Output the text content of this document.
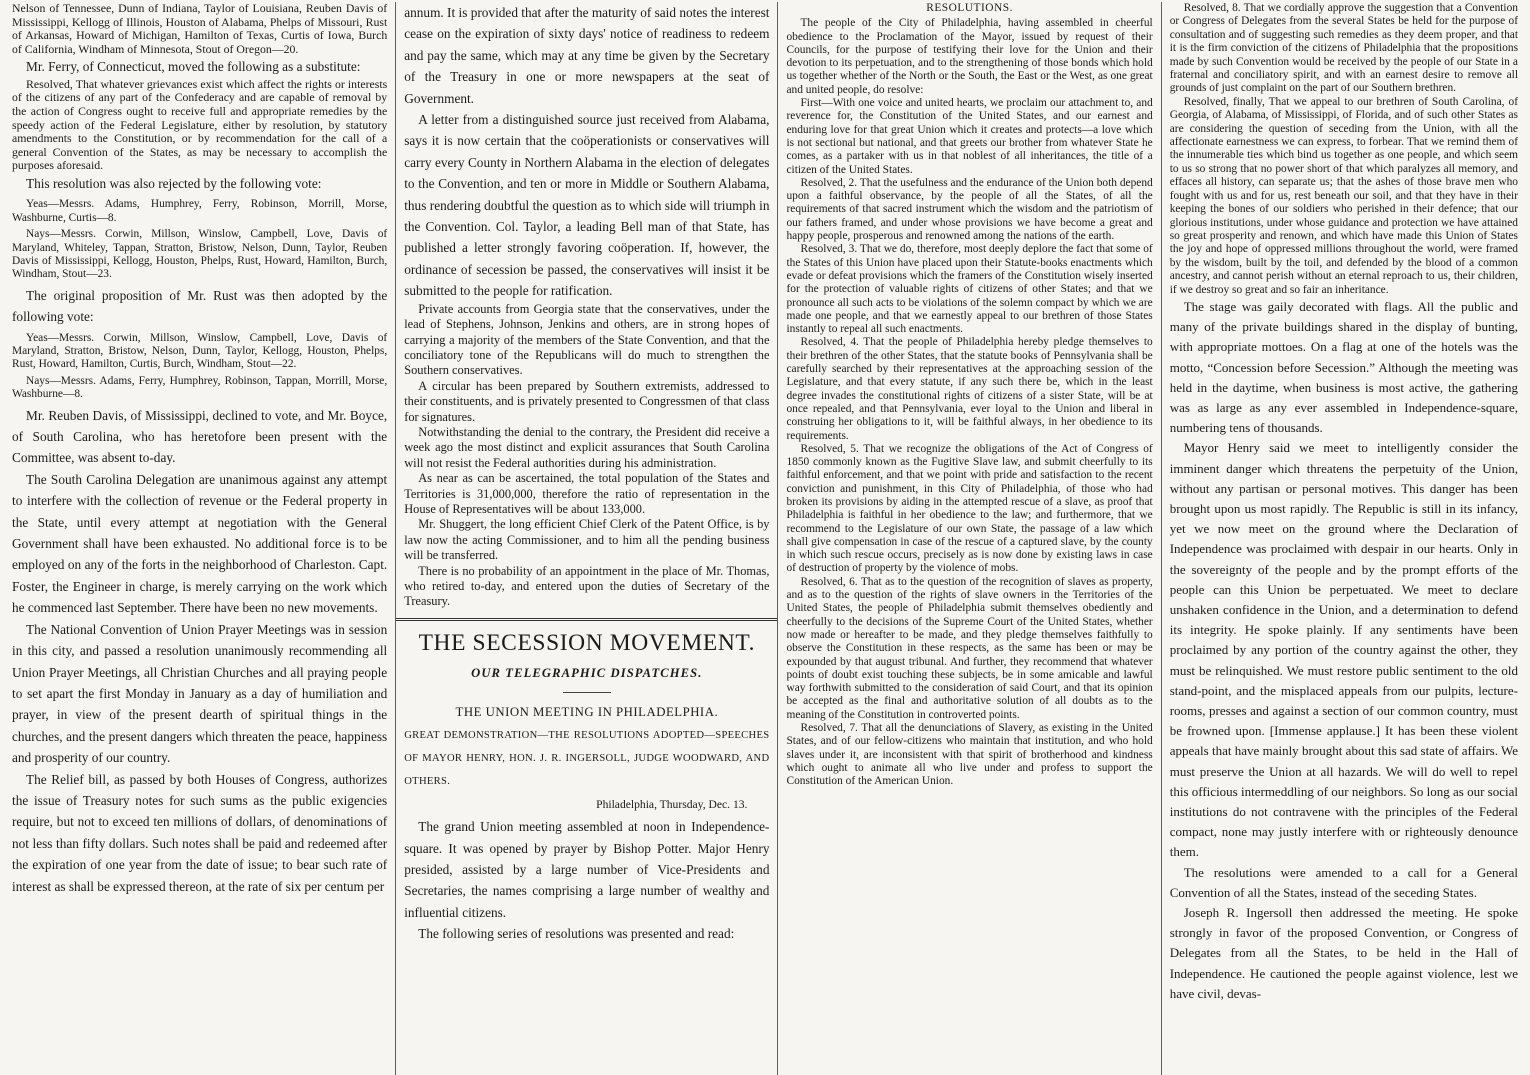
Nelson of Tennessee, Dunn of Indiana, Taylor of Louisiana, Reuben Davis of Mississippi, Kellogg of Illinois, Houston of Alabama, Phelps of Missouri, Rust of Arkansas, Howard of Michigan, Hamilton of Texas, Curtis of Iowa, Burch of California, Windham of Minnesota, Stout of Oregon—20.

Mr. Ferry, of Connecticut, moved the following as a substitute:

Resolved, That whatever grievances exist which affect the rights or interests of the citizens of any part of the Confederacy and are capable of removal by the action of Congress ought to receive full and appropriate remedies by the speedy action of the Federal Legislature, either by resolution, by statutory amendments to the Constitution, or by recommendation for the call of a general Convention of the States, as may be necessary to accomplish the purposes aforesaid.

This resolution was also rejected by the following vote:

Yeas—Messrs. Adams, Humphrey, Ferry, Robinson, Morrill, Morse, Washburne, Curtis—8.

Nays—Messrs. Corwin, Millson, Winslow, Campbell, Love, Davis of Maryland, Whiteley, Tappan, Stratton, Bristow, Nelson, Dunn, Taylor, Reuben Davis of Mississippi, Kellogg, Houston, Phelps, Rust, Howard, Hamilton, Burch, Windham, Stout—23.

The original proposition of Mr. Rust was then adopted by the following vote:

Yeas—Messrs. Corwin, Millson, Winslow, Campbell, Love, Davis of Maryland, Stratton, Bristow, Nelson, Dunn, Taylor, Kellogg, Houston, Phelps, Rust, Howard, Hamilton, Curtis, Burch, Windham, Stout—22.

Nays—Messrs. Adams, Ferry, Humphrey, Robinson, Tappan, Morrill, Morse, Washburne—8.

Mr. Reuben Davis, of Mississippi, declined to vote, and Mr. Boyce, of South Carolina, who has heretofore been present with the Committee, was absent to-day.

The South Carolina Delegation are unanimous against any attempt to interfere with the collection of revenue or the Federal property in the State, until every attempt at negotiation with the General Government shall have been exhausted. No additional force is to be employed on any of the forts in the neighborhood of Charleston. Capt. Foster, the Engineer in charge, is merely carrying on the work which he commenced last September. There have been no new movements.

The National Convention of Union Prayer Meetings was in session in this city, and passed a resolution unanimously recommending all Union Prayer Meetings, all Christian Churches and all praying people to set apart the first Monday in January as a day of humiliation and prayer, in view of the present dearth of spiritual things in the churches, and the present dangers which threaten the peace, happiness and prosperity of our country.

The Relief bill, as passed by both Houses of Congress, authorizes the issue of Treasury notes for such sums as the public exigencies require, but not to exceed ten millions of dollars, of denominations of not less than fifty dollars. Such notes shall be paid and redeemed after the expiration of one year from the date of issue; to bear such rate of interest as shall be expressed thereon, at the rate of six per centum per

annum. It is provided that after the maturity of said notes the interest cease on the expiration of sixty days' notice of readiness to redeem and pay the same, which may at any time be given by the Secretary of the Treasury in one or more newspapers at the seat of Government.

A letter from a distinguished source just received from Alabama, says it is now certain that the coöperationists or conservatives will carry every County in Northern Alabama in the election of delegates to the Convention, and ten or more in Middle or Southern Alabama, thus rendering doubtful the question as to which side will triumph in the Convention. Col. Taylor, a leading Bell man of that State, has published a letter strongly favoring coöperation. If, however, the ordinance of secession be passed, the conservatives will insist it be submitted to the people for ratification.

Private accounts from Georgia state that the conservatives, under the lead of Stephens, Johnson, Jenkins and others, are in strong hopes of carrying a majority of the members of the State Convention, and that the conciliatory tone of the Republicans will do much to strengthen the Southern conservatives.

A circular has been prepared by Southern extremists, addressed to their constituents, and is privately presented to Congressmen of that class for signatures.

Notwithstanding the denial to the contrary, the President did receive a week ago the most distinct and explicit assurances that South Carolina will not resist the Federal authorities during his administration.

As near as can be ascertained, the total population of the States and Territories is 31,000,000, therefore the ratio of representation in the House of Representatives will be about 133,000.

Mr. Shuggert, the long efficient Chief Clerk of the Patent Office, is by law now the acting Commissioner, and to him all the pending business will be transferred.

There is no probability of an appointment in the place of Mr. Thomas, who retired to-day, and entered upon the duties of Secretary of the Treasury.

THE SECESSION MOVEMENT.
OUR TELEGRAPHIC DISPATCHES.
THE UNION MEETING IN PHILADELPHIA.
GREAT DEMONSTRATION—THE RESOLUTIONS ADOPTED—SPEECHES OF MAYOR HENRY, HON. J. R. INGERSOLL, JUDGE WOODWARD, AND OTHERS.
Philadelphia, Thursday, Dec. 13.

The grand Union meeting assembled at noon in Independence-square. It was opened by prayer by Bishop Potter. Major Henry presided, assisted by a large number of Vice-Presidents and Secretaries, the names comprising a large number of wealthy and influential citizens.

The following series of resolutions was presented and read:

RESOLUTIONS.

The people of the City of Philadelphia, having assembled in cheerful obedience to the Proclamation of the Mayor, issued by request of their Councils, for the purpose of testifying their love for the Union and their devotion to its perpetuation, and to the strengthening of those bonds which hold us together whether of the North or the South, the East or the West, as one great and united people, do resolve:

First—With one voice and united hearts, we proclaim our attachment to, and reverence for, the Constitution of the United States, and our earnest and enduring love for that great Union which it creates and protects—a love which is not sectional but national, and that greets our brother from whatever State he comes, as a partaker with us in that noblest of all inheritances, the title of a citizen of the United States.

Resolved, 2. That the usefulness and the endurance of the Union both depend upon a faithful observance, by the people of all the States, of all the requirements of that sacred instrument which the wisdom and the patriotism of our fathers framed, and under whose provisions we have become a great and happy people, prosperous and renowned among the nations of the earth.

Resolved, 3. That we do, therefore, most deeply deplore the fact that some of the States of this Union have placed upon their Statute-books enactments which evade or defeat provisions which the framers of the Constitution wisely inserted for the protection of valuable rights of citizens of other States; and that we pronounce all such acts to be violations of the solemn compact by which we are made one people, and that we earnestly appeal to our brethren of those States instantly to repeal all such enactments.

Resolved, 4. That the people of Philadelphia hereby pledge themselves to their brethren of the other States, that the statute books of Pennsylvania shall be carefully searched by their representatives at the approaching session of the Legislature, and that every statute, if any such there be, which in the least degree invades the constitutional rights of citizens of a sister State, will be at once repealed, and that Pennsylvania, ever loyal to the Union and liberal in construing her obligations to it, will be faithful always, in her obedience to its requirements.

Resolved, 5. That we recognize the obligations of the Act of Congress of 1850 commonly known as the Fugitive Slave law, and submit cheerfully to its faithful enforcement, and that we point with pride and satisfaction to the recent conviction and punishment, in this City of Philadelphia, of those who had broken its provisions by aiding in the attempted rescue of a slave, as proof that Philadelphia is faithful in her obedience to the law; and furthermore, that we recommend to the Legislature of our own State, the passage of a law which shall give compensation in case of the rescue of a captured slave, by the county in which such rescue occurs, precisely as is now done by existing laws in case of destruction of property by the violence of mobs.

Resolved, 6. That as to the question of the recognition of slaves as property, and as to the question of the rights of slave owners in the Territories of the United States, the people of Philadelphia submit themselves obediently and cheerfully to the decisions of the Supreme Court of the United States, whether now made or hereafter to be made, and they pledge themselves faithfully to observe the Constitution in these respects, as the same has been or may be expounded by that august tribunal. And further, they recommend that whatever points of doubt exist touching these subjects, be in some amicable and lawful way forthwith submitted to the consideration of said Court, and that its opinion be accepted as the final and authoritative solution of all doubts as to the meaning of the Constitution in controverted points.

Resolved, 7. That all the denunciations of Slavery, as existing in the United States, and of our fellow-citizens who maintain that institution, and who hold slaves under it, are inconsistent with that spirit of brotherhood and kindness which ought to animate all who live under and profess to support the Constitution of the American Union.

Resolved, 8. That we cordially approve the suggestion that a Convention or Congress of Delegates from the several States be held for the purpose of consultation and of suggesting such remedies as they deem proper, and that it is the firm conviction of the citizens of Philadelphia that the propositions made by such Convention would be received by the people of our State in a fraternal and conciliatory spirit, and with an earnest desire to remove all grounds of just complaint on the part of our Southern brethren.

Resolved, finally, That we appeal to our brethren of South Carolina, of Georgia, of Alabama, of Mississippi, of Florida, and of such other States as are considering the question of seceding from the Union, with all the affectionate earnestness we can express, to forbear. That we remind them of the innumerable ties which bind us together as one people, and which seem to us so strong that no power short of that which paralyzes all memory, and effaces all history, can separate us; that the ashes of those brave men who fought with us and for us, rest beneath our soil, and that they have in their keeping the bones of our soldiers who perished in their defence; that our glorious institutions, under whose guidance and protection we have attained so great prosperity and renown, and which have made this Union of States the joy and hope of oppressed millions throughout the world, were framed by the wisdom, built by the toil, and defended by the blood of a common ancestry, and cannot perish without an eternal reproach to us, their children, if we destroy so great and so fair an inheritance.

The stage was gaily decorated with flags. All the public and many of the private buildings shared in the display of bunting, with appropriate mottoes. On a flag at one of the hotels was the motto, “Concession before Secession.” Although the meeting was held in the daytime, when business is most active, the gathering was as large as any ever assembled in Independence-square, numbering tens of thousands.

Mayor Henry said we meet to intelligently consider the imminent danger which threatens the perpetuity of the Union, without any partisan or personal motives. This danger has been brought upon us most rapidly. The Republic is still in its infancy, yet we now meet on the ground where the Declaration of Independence was proclaimed with despair in our hearts. Only in the sovereignty of the people and by the prompt efforts of the people can this Union be perpetuated. We meet to declare unshaken confidence in the Union, and a determination to defend its integrity. He spoke plainly. If any sentiments have been proclaimed by any portion of the country against the other, they must be relinquished. We must restore public sentiment to the old stand-point, and the misplaced appeals from our pulpits, lecture-rooms, presses and against a section of our common country, must be frowned upon. [Immense applause.] It has been these violent appeals that have mainly brought about this sad state of affairs. We must preserve the Union at all hazards. We will do well to repel this officious intermeddling of our neighbors. So long as our social institutions do not contravene with the principles of the Federal compact, none may justly interfere with or righteously denounce them.

The resolutions were amended to a call for a General Convention of all the States, instead of the seceding States.

Joseph R. Ingersoll then addressed the meeting. He spoke strongly in favor of the proposed Convention, or Congress of Delegates from all the States, to be held in the Hall of Independence. He cautioned the people against violence, lest we have civil, devas-
